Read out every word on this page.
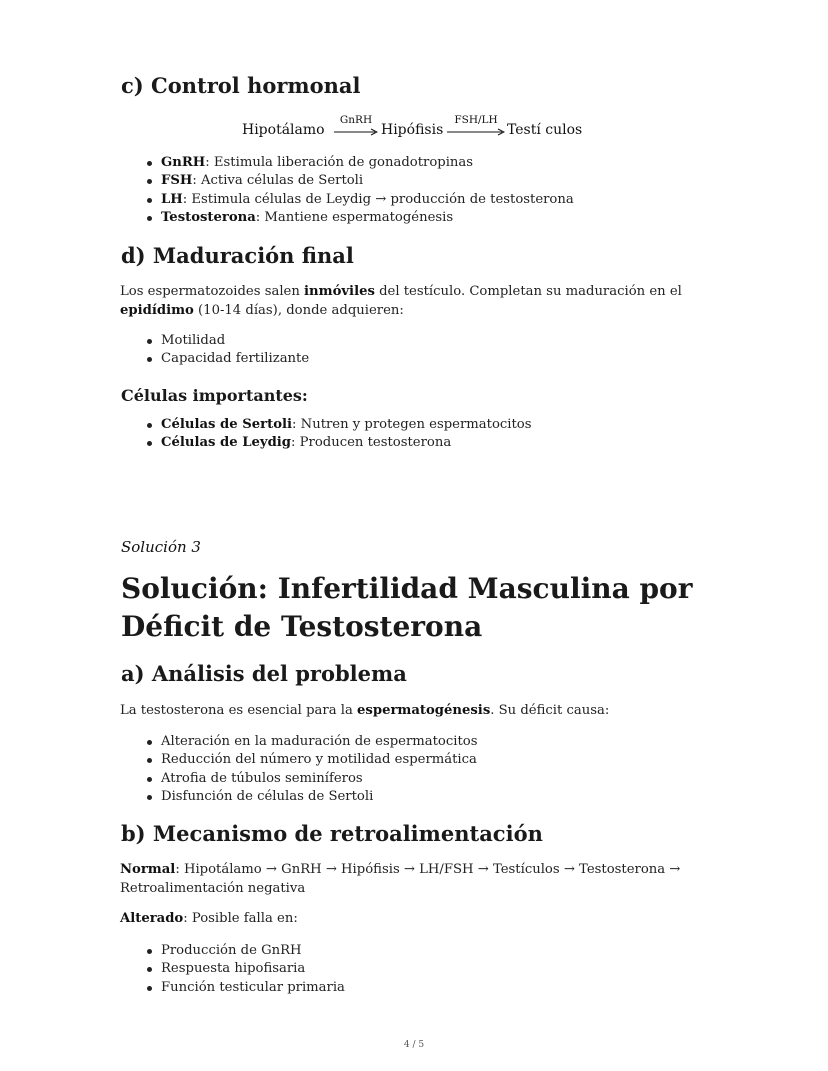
c) Control hormonal
Hipotálamo
GnRH
Hipófisis
FSH/LH
Testí culos
GnRH: Estimula liberación de gonadotropinas
FSH: Activa células de Sertoli
LH: Estimula células de Leydig → producción de testosterona
Testosterona: Mantiene espermatogénesis
d) Maduración final

Los espermatozoides salen inmóviles del testículo. Completan su maduración en el epidídimo (10-14 días), donde adquieren:

Motilidad
Capacidad fertilizante
Células importantes:
Células de Sertoli: Nutren y protegen espermatocitos
Células de Leydig: Producen testosterona
Solución 3
Solución: Infertilidad Masculina por Déficit de Testosterona
a) Análisis del problema

La testosterona es esencial para la espermatogénesis. Su déficit causa:

Alteración en la maduración de espermatocitos
Reducción del número y motilidad espermática
Atrofia de túbulos seminíferos
Disfunción de células de Sertoli
b) Mecanismo de retroalimentación

Normal: Hipotálamo → GnRH → Hipófisis → LH/FSH → Testículos → Testosterona → Retroalimentación negativa

Alterado: Posible falla en:

Producción de GnRH
Respuesta hipofisaria
Función testicular primaria
4 / 5
